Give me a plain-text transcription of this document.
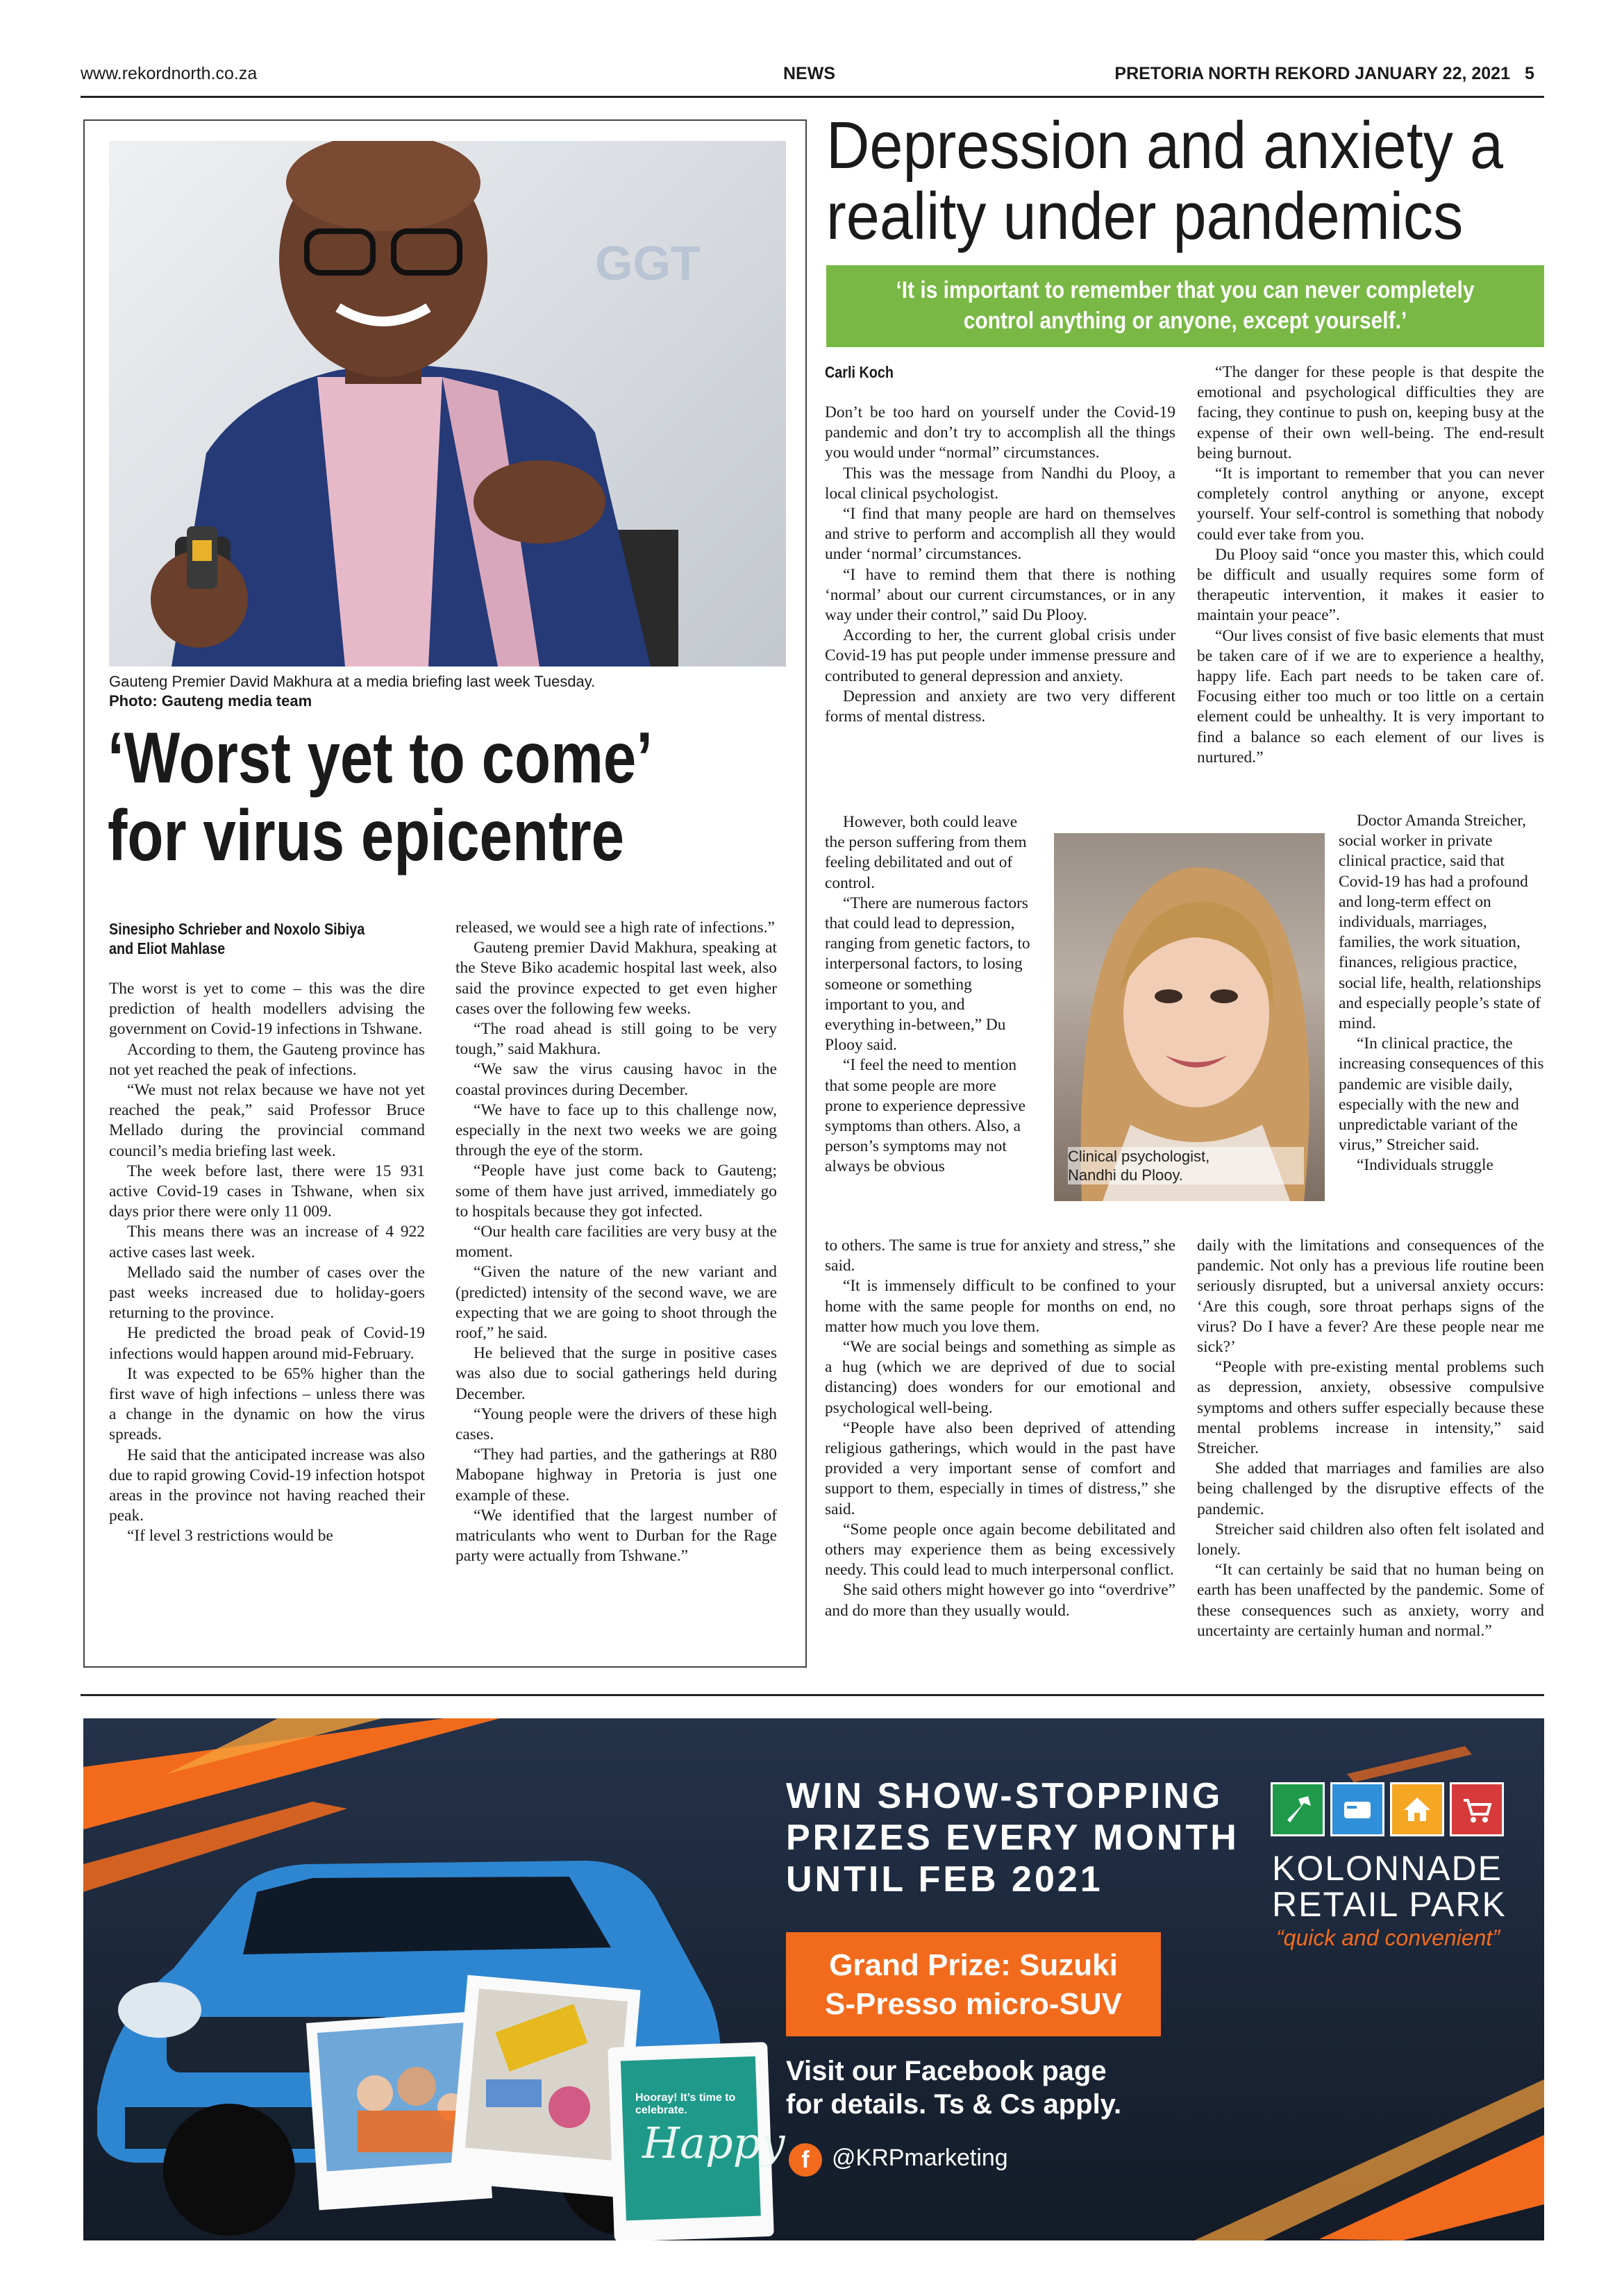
www.rekordnorth.co.za	NEWS	PRETORIA NORTH REKORD JANUARY 22, 2021 5
GGT
Gauteng Premier David Makhura at a media briefing last week Tuesday.
Photo: Gauteng media team
‘Worst yet to come’
for virus epicentre
Sinesipho Schrieber and Noxolo Sibiya
and Eliot Mahlase

The worst is yet to come – this was the dire prediction of health modellers advising the government on Covid-19 infections in Tshwane.

According to them, the Gauteng province has not yet reached the peak of infections.

“We must not relax because we have not yet reached the peak,” said Professor Bruce Mellado during the provincial command council’s media briefing last week.

The week before last, there were 15 931 active Covid-19 cases in Tshwane, when six days prior there were only 11 009.

This means there was an increase of 4 922 active cases last week.

Mellado said the number of cases over the past weeks increased due to holiday-goers returning to the province.

He predicted the broad peak of Covid-19 infections would happen around mid-February.

It was expected to be 65% higher than the first wave of high infections – unless there was a change in the dynamic on how the virus spreads.

He said that the anticipated increase was also due to rapid growing Covid-19 infection hotspot areas in the province not having reached their peak.

“If level 3 restrictions would be

released, we would see a high rate of infections.”

Gauteng premier David Makhura, speaking at the Steve Biko academic hospital last week, also said the province expected to get even higher cases over the following few weeks.

“The road ahead is still going to be very tough,” said Makhura.

“We saw the virus causing havoc in the coastal provinces during December.

“We have to face up to this challenge now, especially in the next two weeks we are going through the eye of the storm.

“People have just come back to Gauteng; some of them have just arrived, immediately go to hospitals because they got infected.

“Our health care facilities are very busy at the moment.

“Given the nature of the new variant and (predicted) intensity of the second wave, we are expecting that we are going to shoot through the roof,” he said.

He believed that the surge in positive cases was also due to social gatherings held during December.

“Young people were the drivers of these high cases.

“They had parties, and the gatherings at R80 Mabopane highway in Pretoria is just one example of these.

“We identified that the largest number of matriculants who went to Durban for the Rage party were actually from Tshwane.”

Depression and anxiety a
reality under pandemics
‘It is important to remember that you can never completely
control anything or anyone, except yourself.’
Carli Koch

Don’t be too hard on yourself under the Covid-19 pandemic and don’t try to accomplish all the things you would under “normal” circumstances.

This was the message from Nandhi du Plooy, a local clinical psychologist.

“I find that many people are hard on themselves and strive to perform and accomplish all they would under ‘normal’ circumstances.

“I have to remind them that there is nothing ‘normal’ about our current circumstances, or in any way under their control,” said Du Plooy.

According to her, the current global crisis under Covid-19 has put people under immense pressure and contributed to general depression and anxiety.

Depression and anxiety are two very different forms of mental distress.

However, both could leave the person suffering from them feeling debilitated and out of control.

“There are numerous factors that could lead to depression, ranging from genetic factors, to interpersonal factors, to losing someone or something important to you, and everything in-between,” Du Plooy said.

“I feel the need to mention that some people are more prone to experience depressive symptoms than others. Also, a person’s symptoms may not always be obvious

to others. The same is true for anxiety and stress,” she said.

“It is immensely difficult to be confined to your home with the same people for months on end, no matter how much you love them.

“We are social beings and something as simple as a hug (which we are deprived of due to social distancing) does wonders for our emotional and psychological well-being.

“People have also been deprived of attending religious gatherings, which would in the past have provided a very important sense of comfort and support to them, especially in times of distress,” she said.

“Some people once again become debilitated and others may experience them as being excessively needy. This could lead to much interpersonal conflict.

She said others might however go into “overdrive” and do more than they usually would.

“The danger for these people is that despite the emotional and psychological difficulties they are facing, they continue to push on, keeping busy at the expense of their own well-being. The end-result being burnout.

“It is important to remember that you can never completely control anything or anyone, except yourself. Your self-control is something that nobody could ever take from you.

Du Plooy said “once you master this, which could be difficult and usually requires some form of therapeutic intervention, it makes it easier to maintain your peace”.

“Our lives consist of five basic elements that must be taken care of if we are to experience a healthy, happy life. Each part needs to be taken care of. Focusing either too much or too little on a certain element could be unhealthy. It is very important to find a balance so each element of our lives is nurtured.”

Doctor Amanda Streicher, social worker in private clinical practice, said that Covid-19 has had a profound and long-term effect on individuals, marriages, families, the work situation, finances, religious practice, social life, health, relationships and especially people’s state of mind.

“In clinical practice, the increasing consequences of this pandemic are visible daily, especially with the new and unpredictable variant of the virus,” Streicher said.

“Individuals struggle

daily with the limitations and consequences of the pandemic. Not only has a previous life routine been seriously disrupted, but a universal anxiety occurs: ‘Are this cough, sore throat perhaps signs of the virus? Do I have a fever? Are these people near me sick?’

“People with pre-existing mental problems such as depression, anxiety, obsessive compulsive symptoms and others suffer especially because these mental problems increase in intensity,” said Streicher.

She added that marriages and families are also being challenged by the disruptive effects of the pandemic.

Streicher said children also often felt isolated and lonely.

“It can certainly be said that no human being on earth has been unaffected by the pandemic. Some of these consequences such as anxiety, worry and uncertainty are certainly human and normal.”

Clinical psychologist,
Nandhi du Plooy.
Hooray! It’s time to celebrate.
Happy
WIN SHOW-STOPPING
PRIZES EVERY MONTH
UNTIL FEB 2021
Grand Prize: Suzuki
S-Presso micro-SUV
Visit our Facebook page
for details. Ts & Cs apply.
f @KRPmarketing
KOLONNADE
RETAIL PARK
“quick and convenient”
